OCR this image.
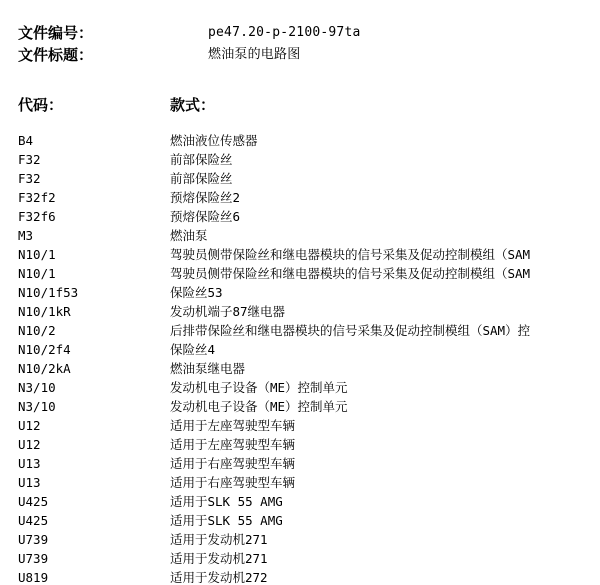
文件编号：	pe47.20-p-2100-97ta
文件标题：	燃油泵的电路图
代码：	款式：
B4	燃油液位传感器
F32	前部保险丝
F32	前部保险丝
F32f2	预熔保险丝2
F32f6	预熔保险丝6
M3	燃油泵
N10/1	驾驶员侧带保险丝和继电器模块的信号采集及促动控制模组（SAM
N10/1	驾驶员侧带保险丝和继电器模块的信号采集及促动控制模组（SAM
N10/1f53	保险丝53
N10/1kR	发动机端子87继电器
N10/2	后排带保险丝和继电器模块的信号采集及促动控制模组（SAM）控
N10/2f4	保险丝4
N10/2kA	燃油泵继电器
N3/10	发动机电子设备（ME）控制单元
N3/10	发动机电子设备（ME）控制单元
U12	适用于左座驾驶型车辆
U12	适用于左座驾驶型车辆
U13	适用于右座驾驶型车辆
U13	适用于右座驾驶型车辆
U425	适用于SLK 55 AMG
U425	适用于SLK 55 AMG
U739	适用于发动机271
U739	适用于发动机271
U819	适用于发动机272
